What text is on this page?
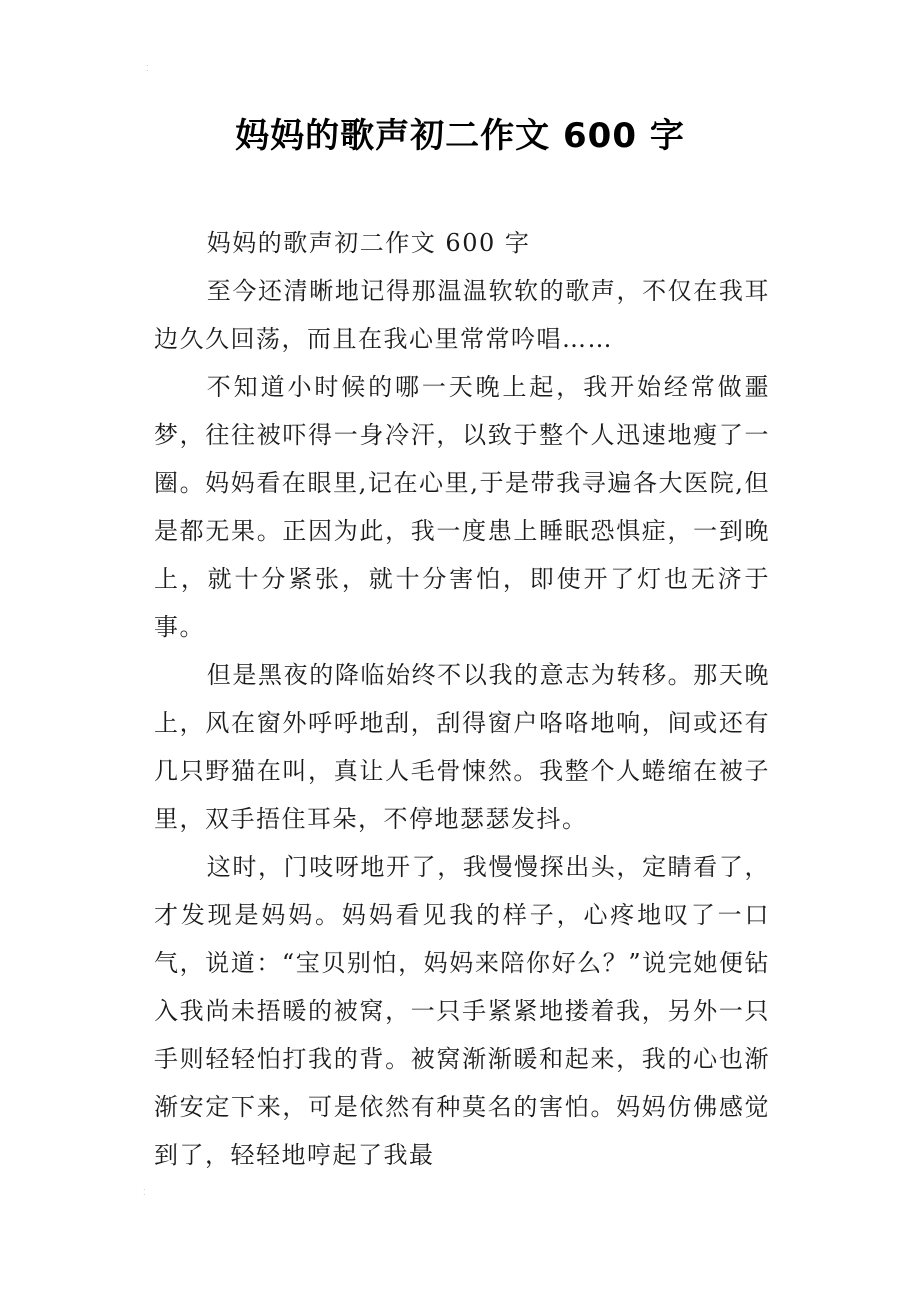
⁚
妈妈的歌声初二作文 600 字

妈妈的歌声初二作文 600 字

至今还清晰地记得那温温软软的歌声，不仅在我耳边久久回荡，而且在我心里常常吟唱……

不知道小时候的哪一天晚上起，我开始经常做噩梦，往往被吓得一身冷汗，以致于整个人迅速地瘦了一圈。妈妈看在眼里,记在心里,于是带我寻遍各大医院,但是都无果。正因为此，我一度患上睡眠恐惧症，一到晚上，就十分紧张，就十分害怕，即使开了灯也无济于事。

但是黑夜的降临始终不以我的意志为转移。那天晚上，风在窗外呼呼地刮，刮得窗户咯咯地响，间或还有几只野猫在叫，真让人毛骨悚然。我整个人蜷缩在被子里，双手捂住耳朵，不停地瑟瑟发抖。

这时，门吱呀地开了，我慢慢探出头，定睛看了，才发现是妈妈。妈妈看见我的样子，心疼地叹了一口气，说道：“宝贝别怕，妈妈来陪你好么？”说完她便钻入我尚未捂暖的被窝，一只手紧紧地搂着我，另外一只手则轻轻怕打我的背。被窝渐渐暖和起来，我的心也渐渐安定下来，可是依然有种莫名的害怕。妈妈仿佛感觉到了，轻轻地哼起了我最

⁚
